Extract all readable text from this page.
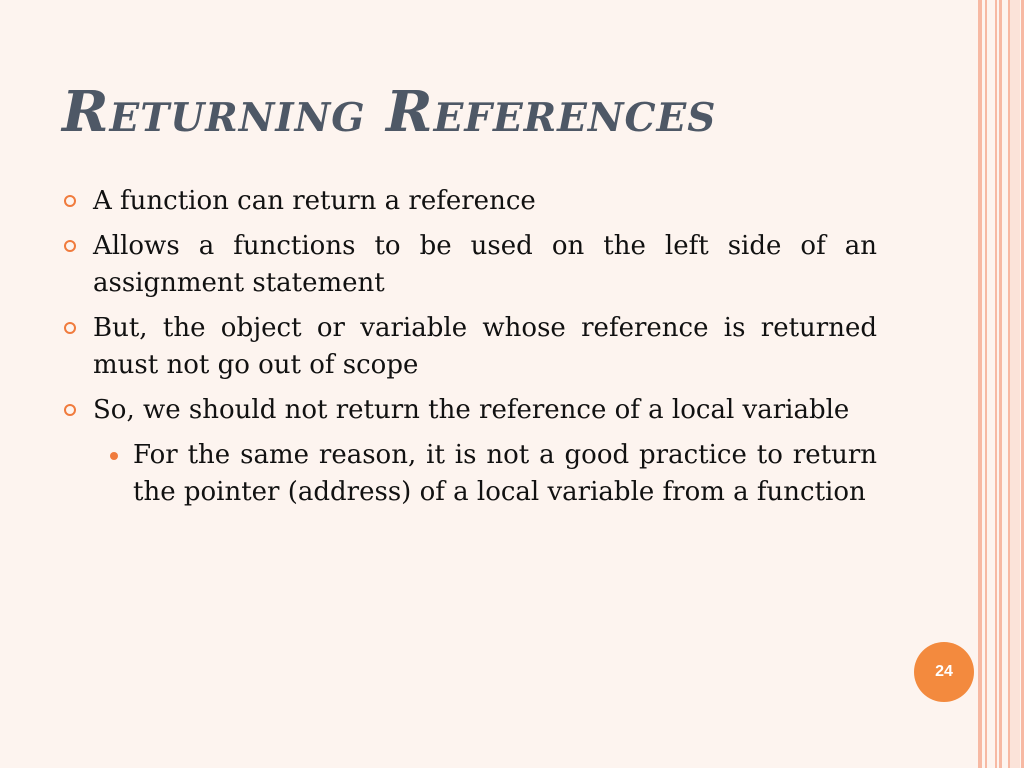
Returning References
A function can return a reference
Allows a functions to be used on the left side of an assignment statement
But, the object or variable whose reference is returned must not go out of scope
So, we should not return the reference of a local variable
For the same reason, it is not a good practice to return the pointer (address) of a local variable from a function
24
